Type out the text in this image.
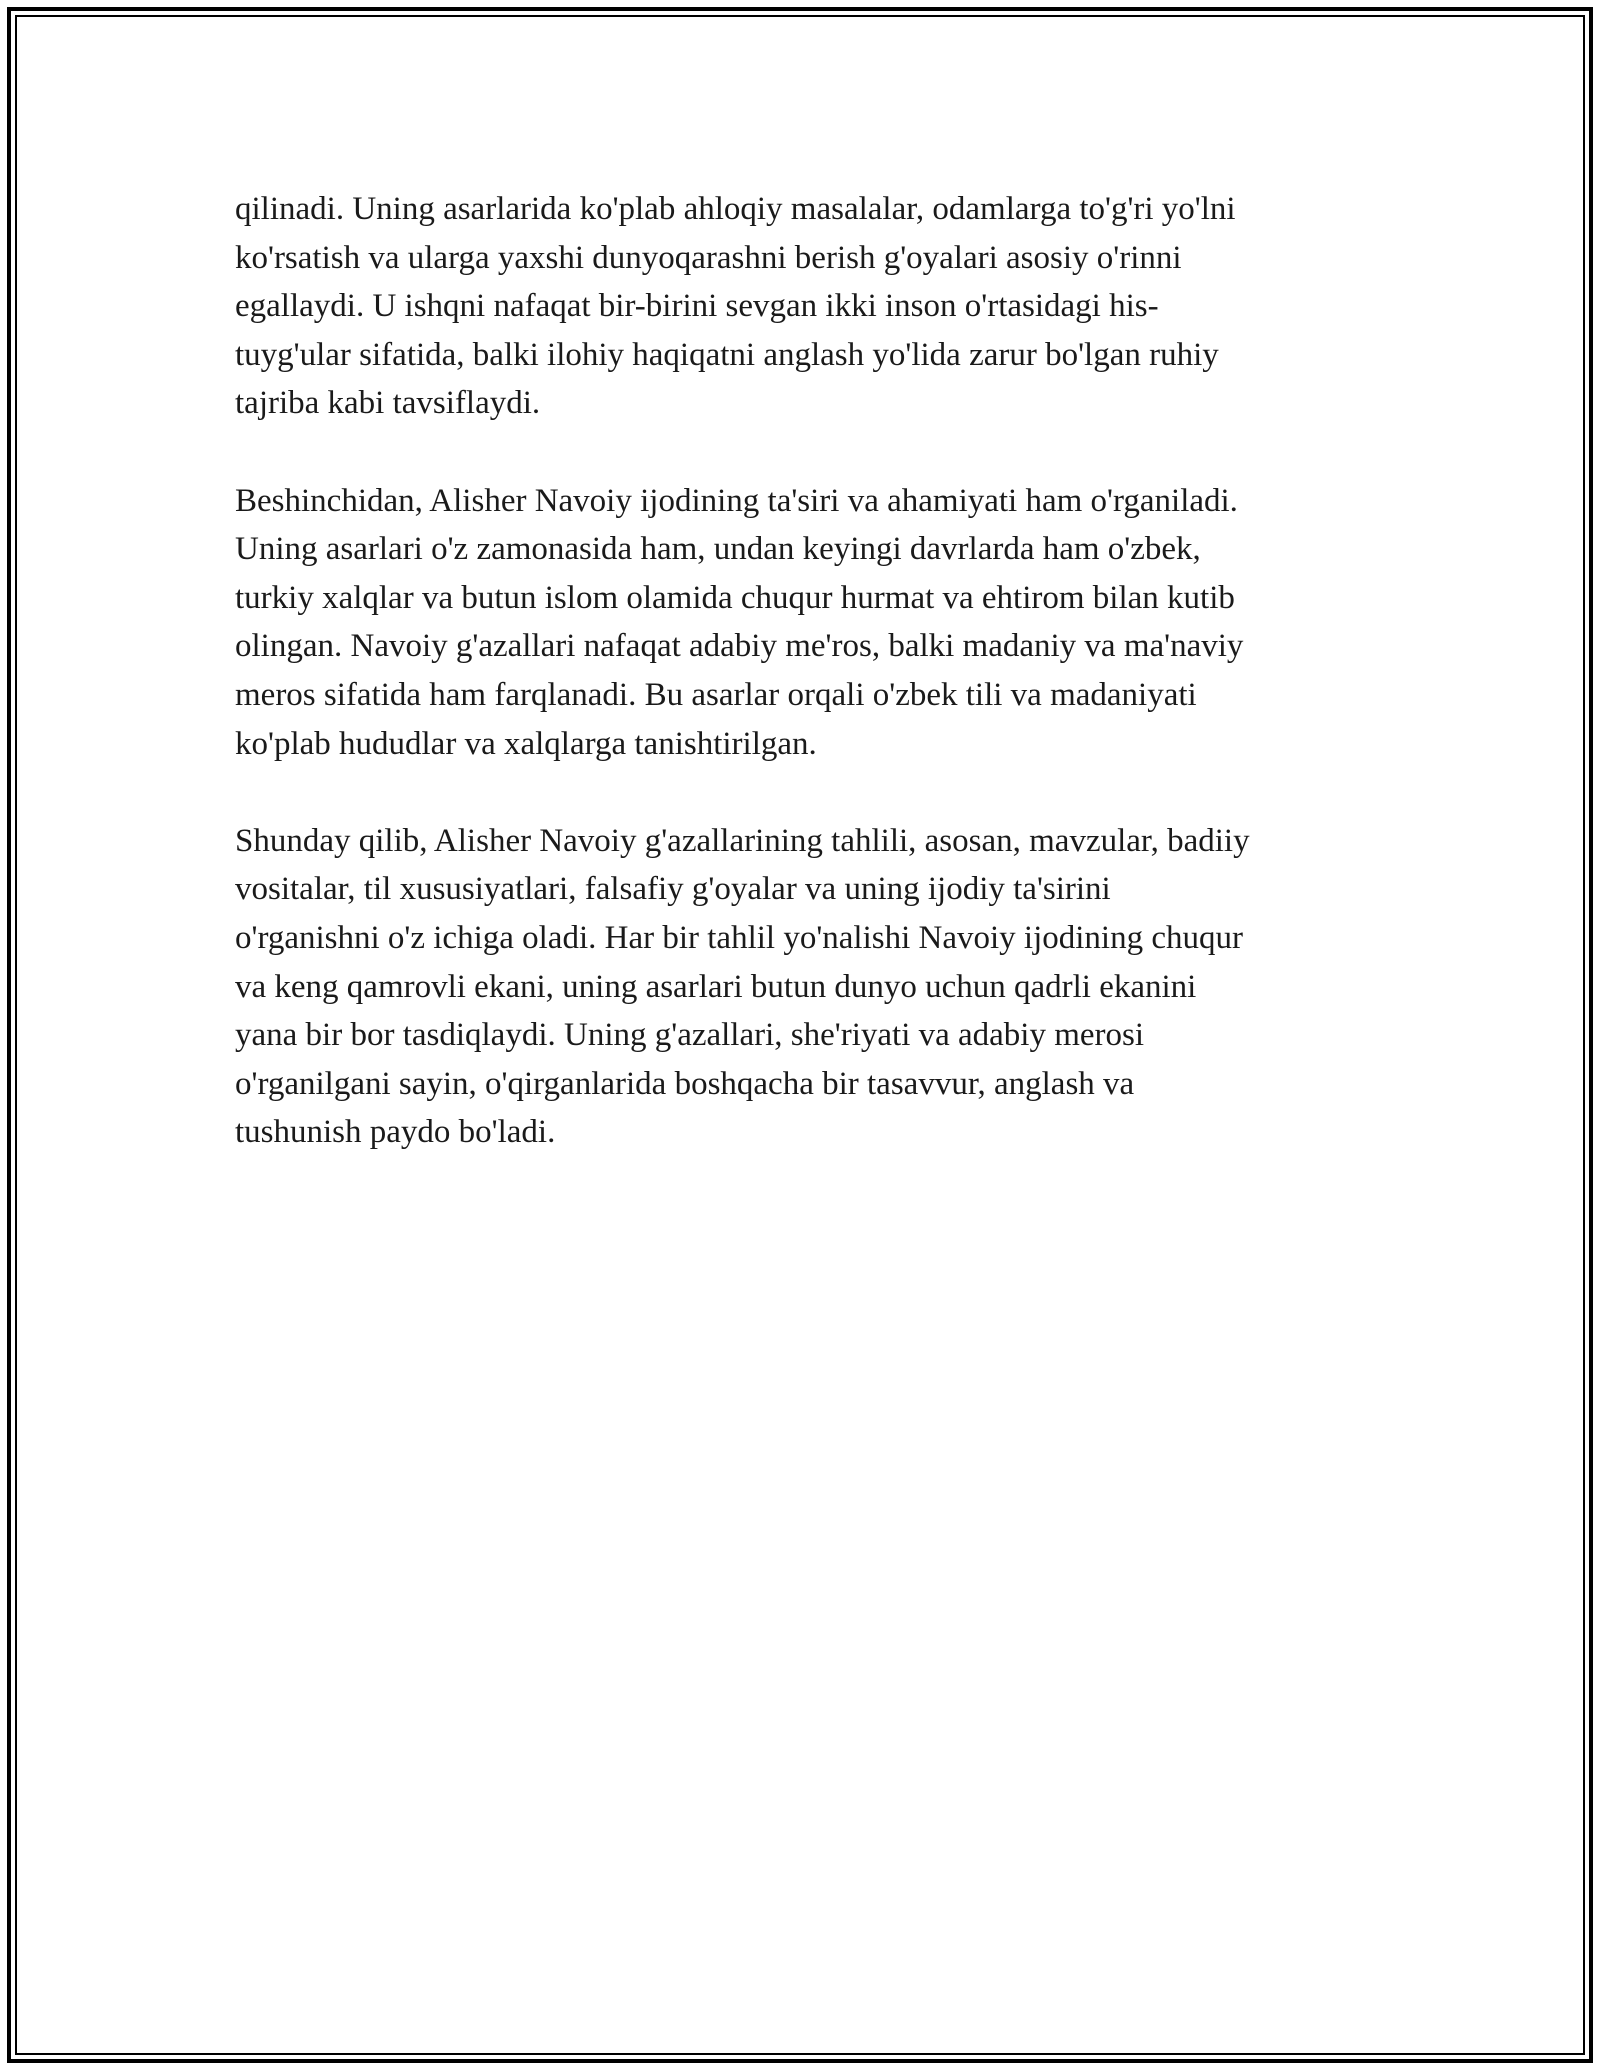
qilinadi. Uning asarlarida ko'plab ahloqiy masalalar, odamlarga to'g'ri yo'lni
ko'rsatish va ularga yaxshi dunyoqarashni berish g'oyalari asosiy o'rinni
egallaydi. U ishqni nafaqat bir-birini sevgan ikki inson o'rtasidagi his-
tuyg'ular sifatida, balki ilohiy haqiqatni anglash yo'lida zarur bo'lgan ruhiy
tajriba kabi tavsiflaydi.
Beshinchidan, Alisher Navoiy ijodining ta'siri va ahamiyati ham o'rganiladi.
Uning asarlari o'z zamonasida ham, undan keyingi davrlarda ham o'zbek,
turkiy xalqlar va butun islom olamida chuqur hurmat va ehtirom bilan kutib
olingan. Navoiy g'azallari nafaqat adabiy me'ros, balki madaniy va ma'naviy
meros sifatida ham farqlanadi. Bu asarlar orqali o'zbek tili va madaniyati
ko'plab hududlar va xalqlarga tanishtirilgan.
Shunday qilib, Alisher Navoiy g'azallarining tahlili, asosan, mavzular, badiiy
vositalar, til xususiyatlari, falsafiy g'oyalar va uning ijodiy ta'sirini
o'rganishni o'z ichiga oladi. Har bir tahlil yo'nalishi Navoiy ijodining chuqur
va keng qamrovli ekani, uning asarlari butun dunyo uchun qadrli ekanini
yana bir bor tasdiqlaydi. Uning g'azallari, she'riyati va adabiy merosi
o'rganilgani sayin, o'qirganlarida boshqacha bir tasavvur, anglash va
tushunish paydo bo'ladi.
